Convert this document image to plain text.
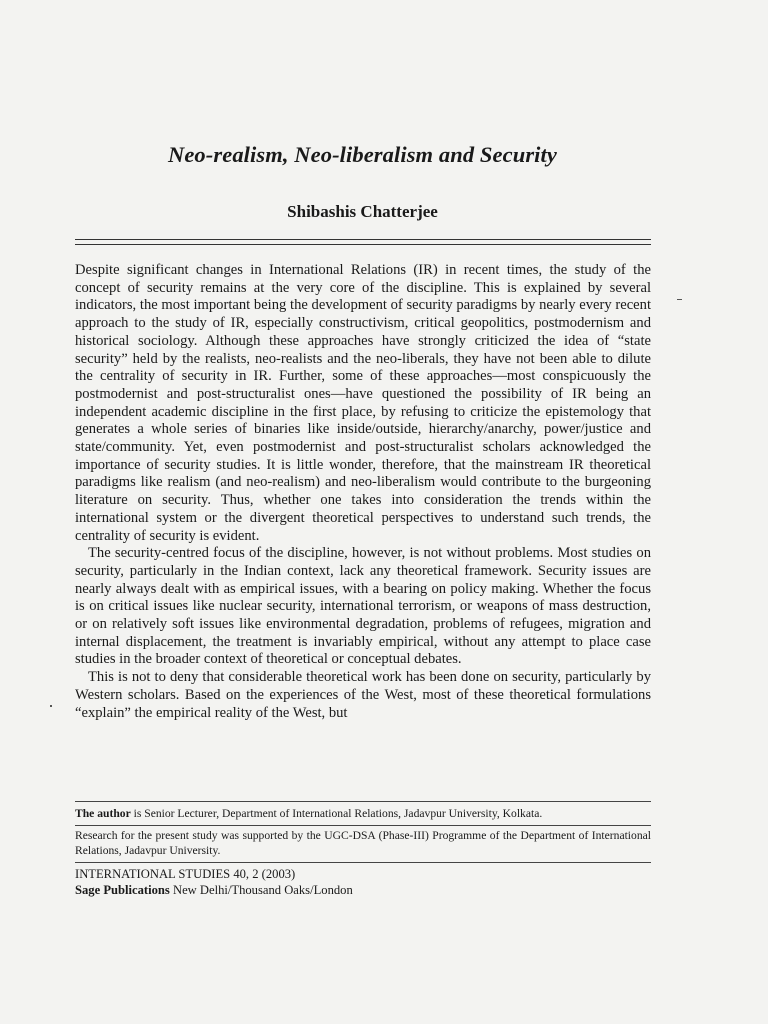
Neo-realism, Neo-liberalism and Security
Shibashis Chatterjee

Despite significant changes in International Relations (IR) in recent times, the study of the concept of security remains at the very core of the discipline. This is explained by several indicators, the most important being the development of security paradigms by nearly every recent approach to the study of IR, especially constructivism, critical geopolitics, postmodernism and historical sociology. Although these approaches have strongly criticized the idea of “state security” held by the realists, neo-realists and the neo-liberals, they have not been able to dilute the centrality of security in IR. Further, some of these approaches—most conspicuously the postmodernist and post-structuralist ones—have questioned the possibility of IR being an independent academic discipline in the first place, by refusing to criticize the epistemology that generates a whole series of binaries like inside/outside, hierarchy/anarchy, power/justice and state/community. Yet, even postmodernist and post-structuralist scholars acknowledged the importance of security studies. It is little wonder, therefore, that the mainstream IR theoretical paradigms like realism (and neo-realism) and neo-liberalism would contribute to the burgeoning literature on security. Thus, whether one takes into consideration the trends within the international system or the divergent theoretical perspectives to understand such trends, the centrality of security is evident.

The security-centred focus of the discipline, however, is not without problems. Most studies on security, particularly in the Indian context, lack any theoretical framework. Security issues are nearly always dealt with as empirical issues, with a bearing on policy making. Whether the focus is on critical issues like nuclear security, international terrorism, or weapons of mass destruction, or on relatively soft issues like environmental degradation, problems of refugees, migration and internal displacement, the treatment is invariably empirical, without any attempt to place case studies in the broader context of theoretical or conceptual debates.

This is not to deny that considerable theoretical work has been done on security, particularly by Western scholars. Based on the experiences of the West, most of these theoretical formulations “explain” the empirical reality of the West, but

The author is Senior Lecturer, Department of International Relations, Jadavpur University, Kolkata.

Research for the present study was supported by the UGC-DSA (Phase-III) Programme of the Department of International Relations, Jadavpur University.

INTERNATIONAL STUDIES 40, 2 (2003)
Sage Publications New Delhi/Thousand Oaks/London
